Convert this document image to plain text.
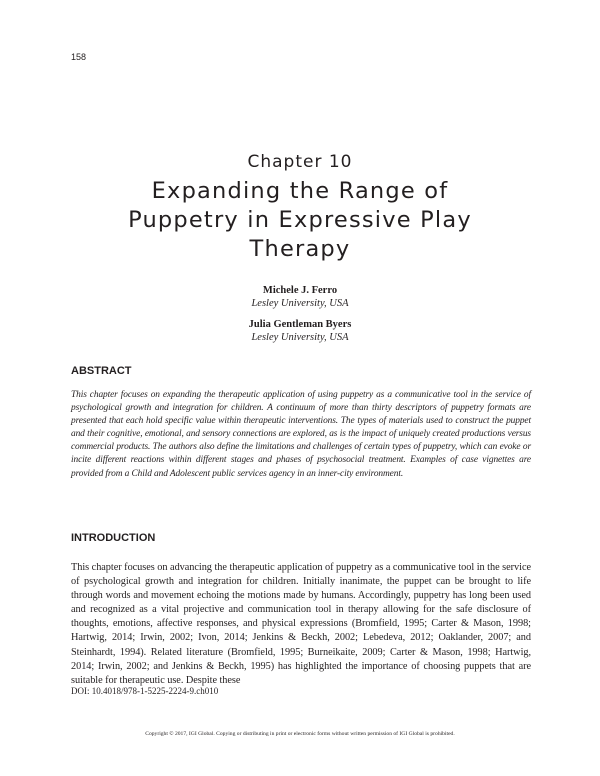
158
Chapter 10
Expanding the Range of Puppetry in Expressive Play Therapy
Michele J. Ferro
Lesley University, USA
Julia Gentleman Byers
Lesley University, USA
ABSTRACT
This chapter focuses on expanding the therapeutic application of using puppetry as a communicative tool in the service of psychological growth and integration for children. A continuum of more than thirty descriptors of puppetry formats are presented that each hold specific value within therapeutic interventions. The types of materials used to construct the puppet and their cognitive, emotional, and sensory connections are explored, as is the impact of uniquely created productions versus commercial products. The authors also define the limitations and challenges of certain types of puppetry, which can evoke or incite different reactions within different stages and phases of psychosocial treatment. Examples of case vignettes are provided from a Child and Adolescent public services agency in an inner-city environment.
INTRODUCTION
This chapter focuses on advancing the therapeutic application of puppetry as a communicative tool in the service of psychological growth and integration for children. Initially inanimate, the puppet can be brought to life through words and movement echoing the motions made by humans. Accordingly, puppetry has long been used and recognized as a vital projective and communication tool in therapy allowing for the safe disclosure of thoughts, emotions, affective responses, and physical expressions (Bromfield, 1995; Carter & Mason, 1998; Hartwig, 2014; Irwin, 2002; Ivon, 2014; Jenkins & Beckh, 2002; Lebedeva, 2012; Oaklander, 2007; and Steinhardt, 1994). Related literature (Bromfield, 1995; Burneikaite, 2009; Carter & Mason, 1998; Hartwig, 2014; Irwin, 2002; and Jenkins & Beckh, 1995) has highlighted the importance of choosing puppets that are suitable for therapeutic use. Despite these
DOI: 10.4018/978-1-5225-2224-9.ch010
Copyright © 2017, IGI Global. Copying or distributing in print or electronic forms without written permission of IGI Global is prohibited.
